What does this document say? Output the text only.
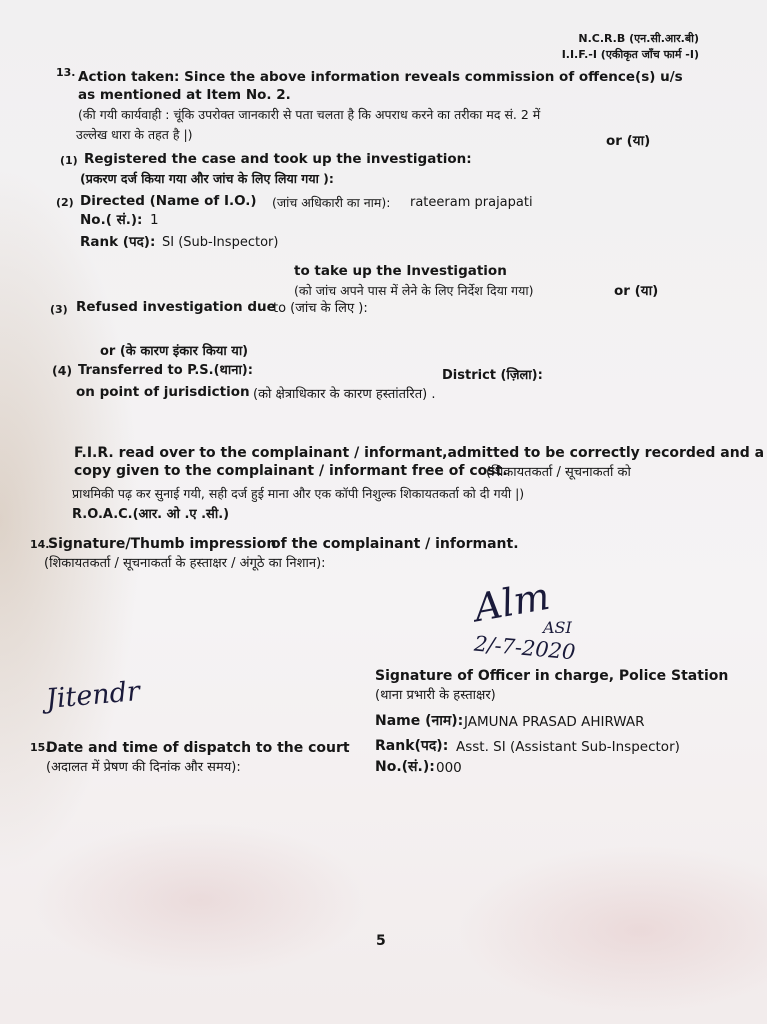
N.C.R.B (एन.सी.आर.बी)
I.I.F.-I (एकीकृत जाँच फार्म -I)
13. Action taken: Since the above information reveals commission of offence(s) u/s
as mentioned at Item No. 2.
(की गयी कार्यवाही : चूंकि उपरोक्त जानकारी से पता चलता है कि अपराध करने का तरीका मद सं. 2 में
उल्लेख धारा के तहत है |)	or (या)
(1) Registered the case and took up the investigation:
(प्रकरण दर्ज किया गया और जांच के लिए लिया गया ):
(2) Directed (Name of I.O.) (जांच अधिकारी का नाम): rateeram prajapati
No.( सं.): 1
Rank (पद): SI (Sub-Inspector)
to take up the Investigation
(को जांच अपने पास में लेने के लिए निर्देश दिया गया)	or (या)
(3) Refused investigation due
to (जांच के लिए ):
or (के कारण इंकार किया या)
(4) Transferred to P.S.(थाना):	District (ज़िला):
on point of jurisdiction (को क्षेत्राधिकार के कारण हस्तांतरित) .
F.I.R. read over to the complainant / informant,admitted to be correctly recorded and a
copy given to the complainant / informant free of cost.
(शिकायतकर्ता / सूचनाकर्ता को
प्राथमिकी पढ़ कर सुनाई गयी, सही दर्ज हुई माना और एक कॉपी निशुल्क शिकायतकर्ता को दी गयी |)
R.O.A.C.(आर. ओ .ए .सी.)
14.
Signature/Thumb impression
of the complainant / informant.
(शिकायतकर्ता / सूचनाकर्ता के हस्ताक्षर / अंगूठे का निशान):
Alm
ASI
2/-7-2020
Signature of Officer in charge, Police Station
(थाना प्रभारी के हस्ताक्षर)
Jitendr
Name (नाम): JAMUNA PRASAD AHIRWAR
15.
Date and time of dispatch to the court
(अदालत में प्रेषण की दिनांक और समय):
Rank(पद): Asst. SI (Assistant Sub-Inspector)
No.(सं.): 000
5
